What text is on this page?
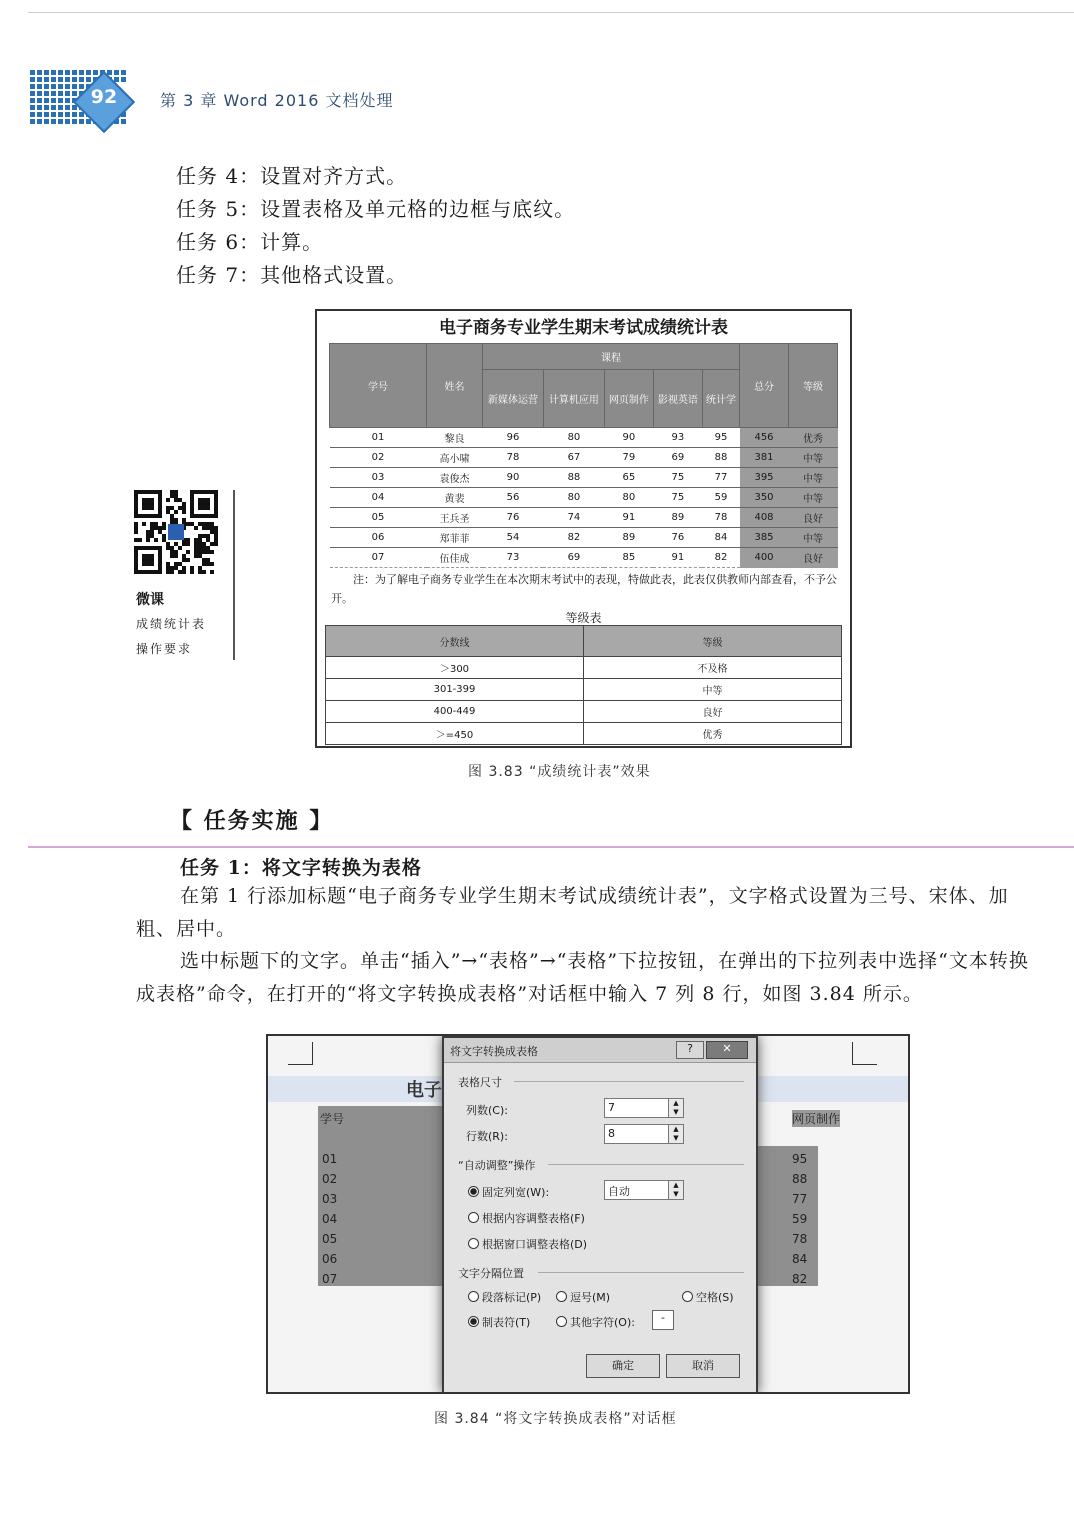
92	第 3 章 Word 2016 文档处理
任务 4：设置对齐方式。
任务 5：设置表格及单元格的边框与底纹。
任务 6：计算。
任务 7：其他格式设置。
电子商务专业学生期末考试成绩统计表
学号	姓名	课程					总分	等级
		新媒体运营	计算机应用	网页制作	影视英语	统计学		
01	黎良	96	80	90	93	95	456	优秀
02	高小啸	78	67	79	69	88	381	中等
03	袁俊杰	90	88	65	75	77	395	中等
04	黄裴	56	80	80	75	59	350	中等
05	王兵圣	76	74	91	89	78	408	良好
06	郑菲菲	54	82	89	76	84	385	中等
07	伍佳成	73	69	85	91	82	400	良好
注：为了解电子商务专业学生在本次期末考试中的表现，特做此表，此表仅供教师内部查看，不予公开。
等级表
分数线	等级
＞300	不及格
301-399	中等
400-449	良好
＞=450	优秀
微课
成绩统计表
操作要求
图 3.83 “成绩统计表”效果
【 任务实施 】
任务 1：将文字转换为表格
在第 1 行添加标题“电子商务专业学生期末考试成绩统计表”，文字格式设置为三号、宋体、加粗、居中。
选中标题下的文字。单击“插入”→“表格”→“表格”下拉按钮，在弹出的下拉列表中选择“文本转换成表格”命令，在打开的“将文字转换成表格”对话框中输入 7 列 8 行，如图 3.84 所示。
电子
学号	网页制作
01
02
03
04
05
06
07
95
88
77
59
78
84
82
将文字转换成表格	?	✕
表格尺寸
列数(C):	7	▲
▼
行数(R):	8	▲
▼
“自动调整”操作
固定列宽(W):	自动	▲
▼
根据内容调整表格(F)
根据窗口调整表格(D)
文字分隔位置
段落标记(P)	逗号(M)	空格(S)
制表符(T)	其他字符(O):	-
确定	取消
图 3.84 “将文字转换成表格”对话框
